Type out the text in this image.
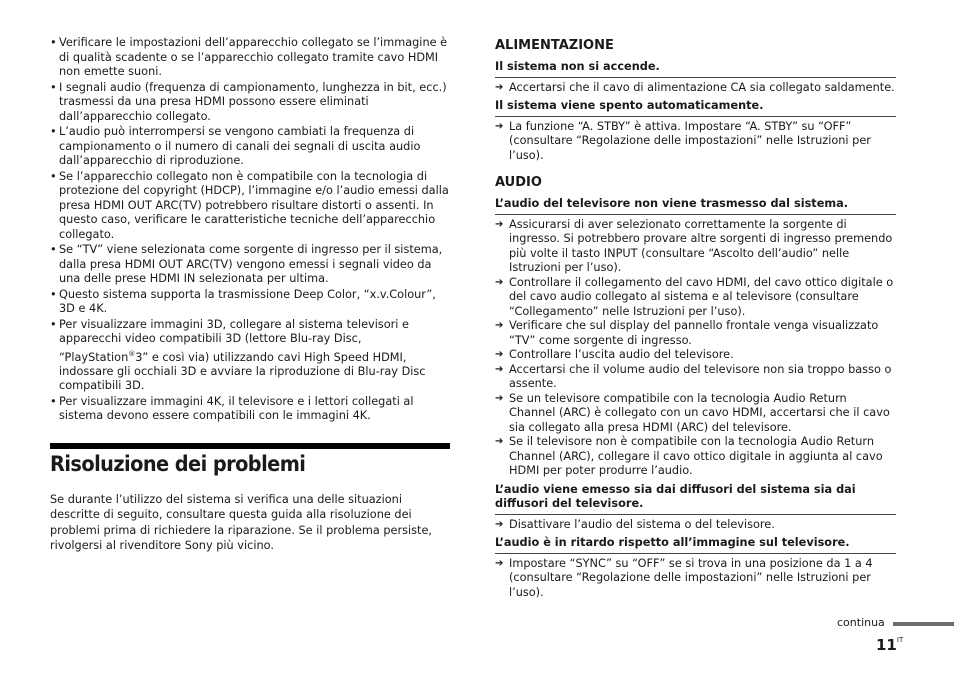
• Verificare le impostazioni dell’apparecchio collegato se l’immagine è di qualità scadente o se l’apparecchio collegato tramite cavo HDMI non emette suoni.
• I segnali audio (frequenza di campionamento, lunghezza in bit, ecc.) trasmessi da una presa HDMI possono essere eliminati dall’apparecchio collegato.
• L’audio può interrompersi se vengono cambiati la frequenza di campionamento o il numero di canali dei segnali di uscita audio dall’apparecchio di riproduzione.
• Se l’apparecchio collegato non è compatibile con la tecnologia di protezione del copyright (HDCP), l’immagine e/o l’audio emessi dalla presa HDMI OUT ARC(TV) potrebbero risultare distorti o assenti. In questo caso, verificare le caratteristiche tecniche dell’apparecchio collegato.
• Se “TV” viene selezionata come sorgente di ingresso per il sistema, dalla presa HDMI OUT ARC(TV) vengono emessi i segnali video da una delle prese HDMI IN selezionata per ultima.
• Questo sistema supporta la trasmissione Deep Color, “x.v.Colour”, 3D e 4K.
• Per visualizzare immagini 3D, collegare al sistema televisori e apparecchi video compatibili 3D (lettore Blu-ray Disc, “PlayStation®3” e così via) utilizzando cavi High Speed HDMI, indossare gli occhiali 3D e avviare la riproduzione di Blu-ray Disc compatibili 3D.
• Per visualizzare immagini 4K, il televisore e i lettori collegati al sistema devono essere compatibili con le immagini 4K.
Risoluzione dei problemi

Se durante l’utilizzo del sistema si verifica una delle situazioni descritte di seguito, consultare questa guida alla risoluzione dei problemi prima di richiedere la riparazione. Se il problema persiste, rivolgersi al rivenditore Sony più vicino.

ALIMENTAZIONE
Il sistema non si accende.
➔ Accertarsi che il cavo di alimentazione CA sia collegato saldamente.
Il sistema viene spento automaticamente.
➔ La funzione “A. STBY” è attiva. Impostare “A. STBY” su “OFF” (consultare “Regolazione delle impostazioni” nelle Istruzioni per l’uso).
AUDIO
L’audio del televisore non viene trasmesso dal sistema.
➔ Assicurarsi di aver selezionato correttamente la sorgente di ingresso. Si potrebbero provare altre sorgenti di ingresso premendo più volte il tasto INPUT (consultare “Ascolto dell’audio” nelle Istruzioni per l’uso).
➔ Controllare il collegamento del cavo HDMI, del cavo ottico digitale o del cavo audio collegato al sistema e al televisore (consultare “Collegamento” nelle Istruzioni per l’uso).
➔ Verificare che sul display del pannello frontale venga visualizzato “TV” come sorgente di ingresso.
➔ Controllare l’uscita audio del televisore.
➔ Accertarsi che il volume audio del televisore non sia troppo basso o assente.
➔ Se un televisore compatibile con la tecnologia Audio Return Channel (ARC) è collegato con un cavo HDMI, accertarsi che il cavo sia collegato alla presa HDMI (ARC) del televisore.
➔ Se il televisore non è compatibile con la tecnologia Audio Return Channel (ARC), collegare il cavo ottico digitale in aggiunta al cavo HDMI per poter produrre l’audio.
L’audio viene emesso sia dai diffusori del sistema sia dai diffusori del televisore.
➔ Disattivare l’audio del sistema o del televisore.
L’audio è in ritardo rispetto all’immagine sul televisore.
➔ Impostare “SYNC” su “OFF” se si trova in una posizione da 1 a 4 (consultare “Regolazione delle impostazioni” nelle Istruzioni per l’uso).
continua
$11^{IT}$
